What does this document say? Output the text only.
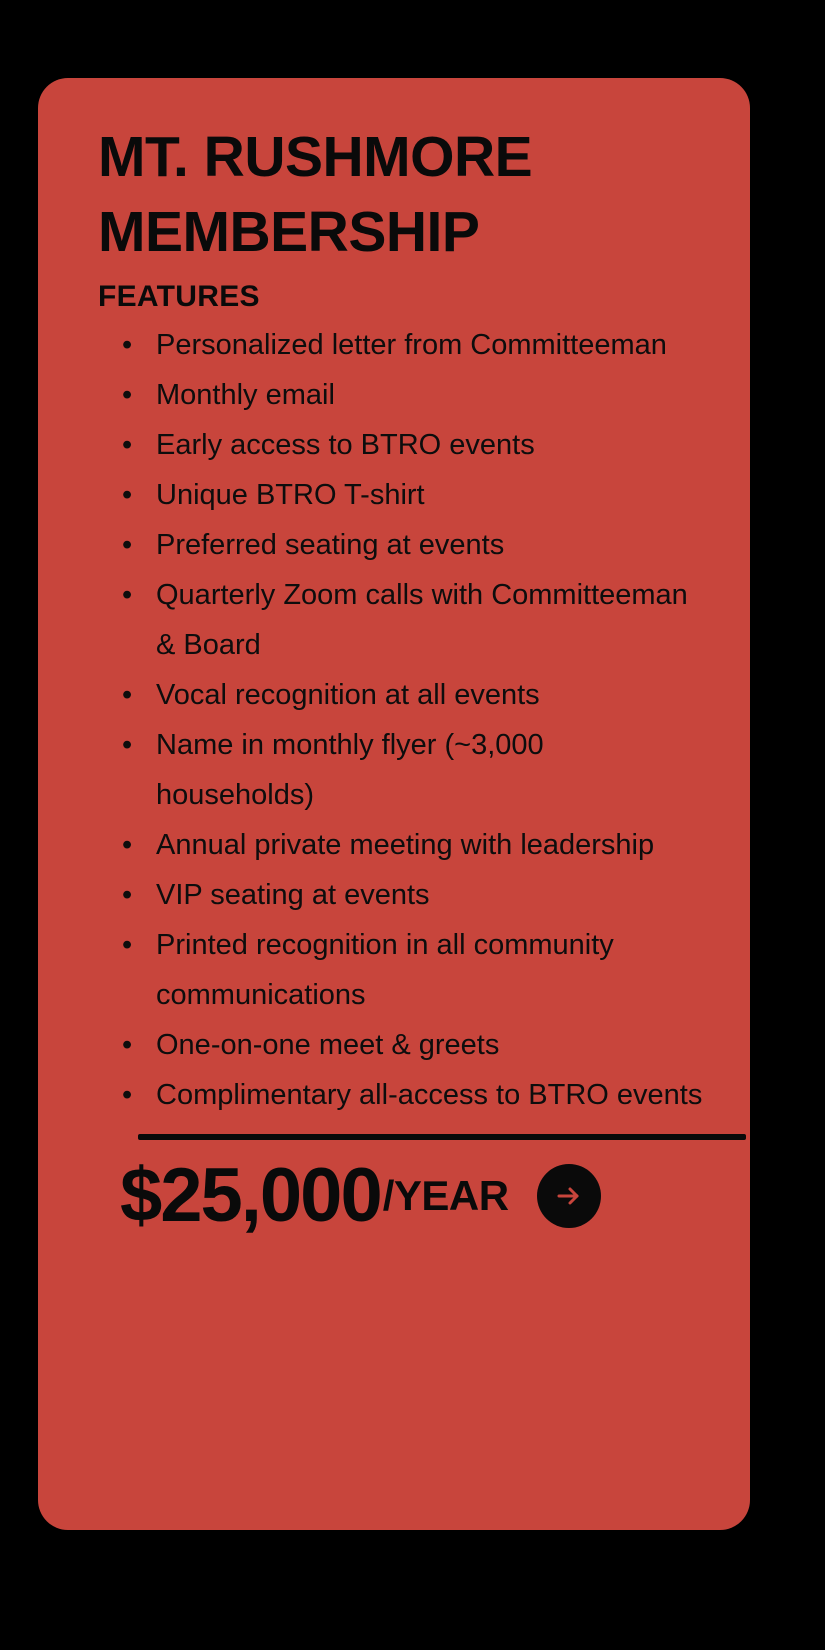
MT. RUSHMORE MEMBERSHIP
FEATURES
• Personalized letter from Committeeman
• Monthly email
• Early access to BTRO events
• Unique BTRO T-shirt
• Preferred seating at events
• Quarterly Zoom calls with Committeeman & Board
• Vocal recognition at all events
• Name in monthly flyer (~3,000 households)
• Annual private meeting with leadership
• VIP seating at events
• Printed recognition in all community communications
• One-on-one meet & greets
• Complimentary all-access to BTRO events
$25,000 /YEAR
